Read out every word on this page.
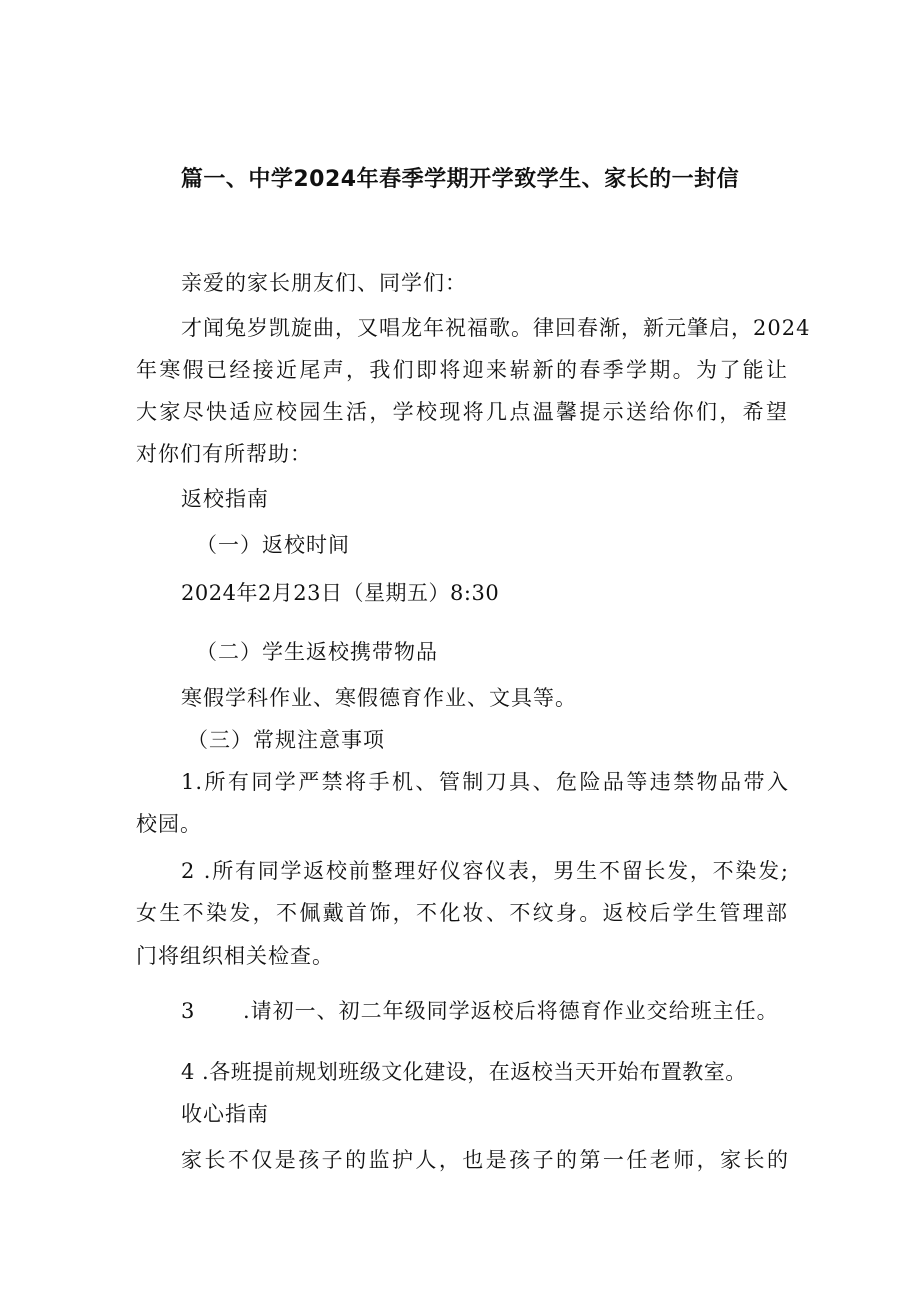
篇一、中学2024年春季学期开学致学生、家长的一封信
亲爱的家长朋友们、同学们：
才闻兔岁凯旋曲，又唱龙年祝福歌。律回春渐，新元肇启，2024
年寒假已经接近尾声，我们即将迎来崭新的春季学期。为了能让
大家尽快适应校园生活，学校现将几点温馨提示送给你们，希望
对你们有所帮助：
返校指南
（一）返校时间
2024年2月23日（星期五）8:30
（二）学生返校携带物品
寒假学科作业、寒假德育作业、文具等。
（三）常规注意事项
1.所有同学严禁将手机、管制刀具、危险品等违禁物品带入
校园。
2 .所有同学返校前整理好仪容仪表，男生不留长发，不染发;
女生不染发，不佩戴首饰，不化妆、不纹身。返校后学生管理部
门将组织相关检查。
3 .请初一、初二年级同学返校后将德育作业交给班主任。
4 .各班提前规划班级文化建设，在返校当天开始布置教室。
收心指南
家长不仅是孩子的监护人，也是孩子的第一任老师，家长的
